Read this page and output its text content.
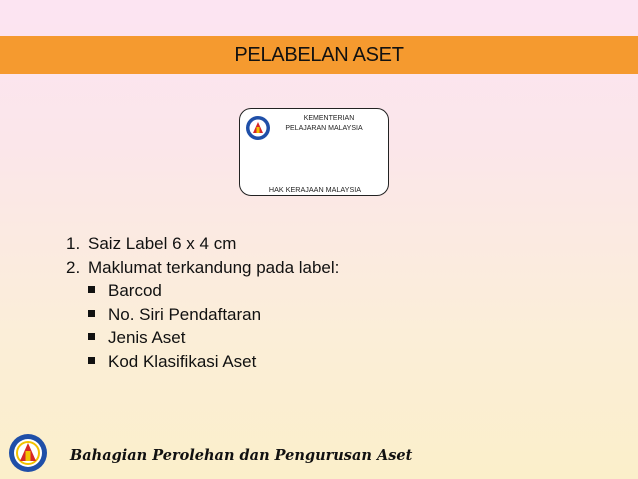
PELABELAN ASET
KEMENTERIAN
PELAJARAN MALAYSIA
HAK KERAJAAN MALAYSIA
1. Saiz Label 6 x 4 cm
2. Maklumat terkandung pada label:
Barcod
No. Siri Pendaftaran
Jenis Aset
Kod Klasifikasi Aset
Bahagian Perolehan dan Pengurusan Aset
